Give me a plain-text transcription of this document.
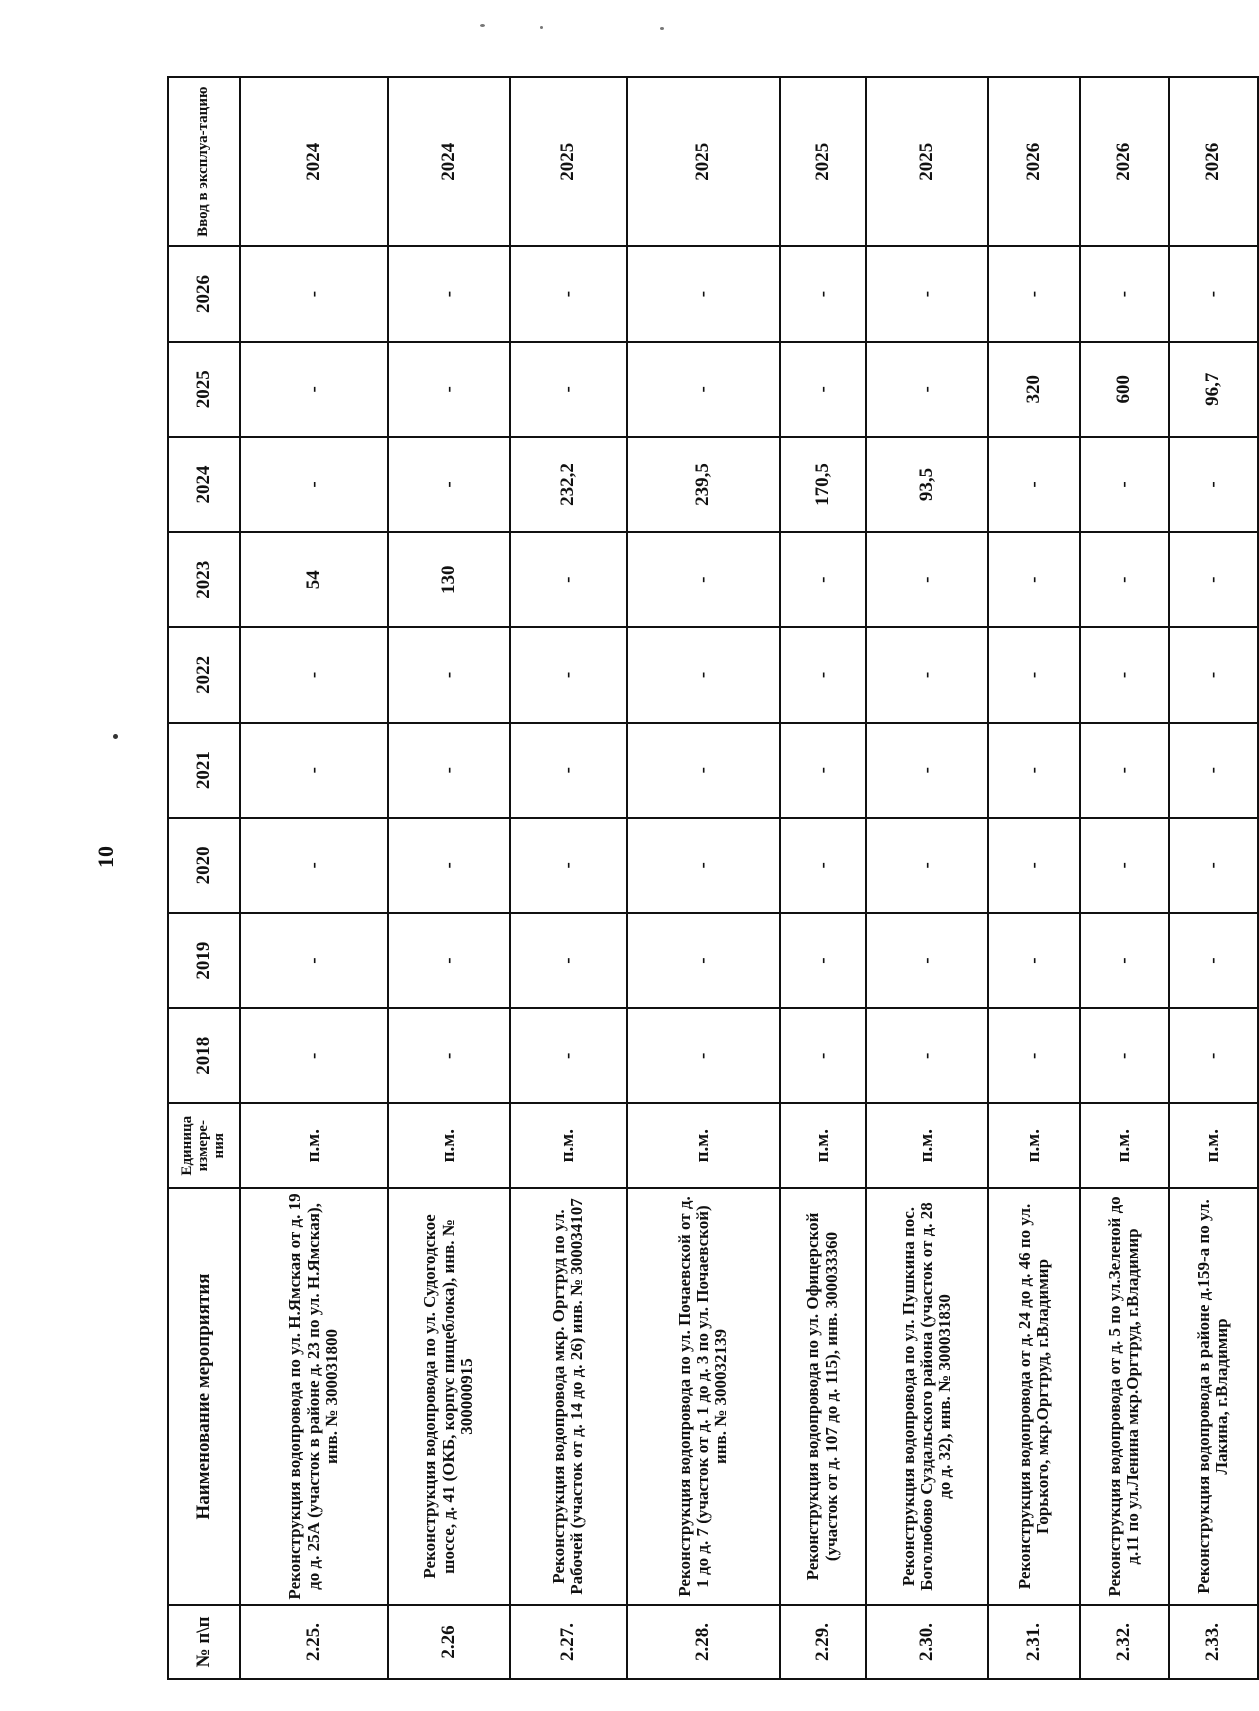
10
№ п\п	Наименование мероприятия	Единица измере-ния	2018	2019	2020	2021	2022	2023	2024	2025	2026	Ввод в эксплуа-тацию
2.25.	Реконструкция водопровода по ул. Н.Ямская от д. 19 до д. 25А (участок в районе д. 23 по ул. Н.Ямская), инв. № 300031800	п.м.	-	-	-	-	-	54	-	-	-	2024
2.26	Реконструкция водопровода по ул. Судогодское шоссе, д. 41 (ОКБ, корпус пищеблока), инв. № 300000915	п.м.	-	-	-	-	-	130	-	-	-	2024
2.27.	Реконструкция водопровода мкр. Оргтруд по ул. Рабочей (участок от д. 14 до д. 26) инв. № 300034107	п.м.	-	-	-	-	-	-	232,2	-	-	2025
2.28.	Реконструкция водопровода по ул. Почаевской от д. 1 до д. 7 (участок от д. 1 до д. 3 по ул. Почаевской) инв. № 300032139	п.м.	-	-	-	-	-	-	239,5	-	-	2025
2.29.	Реконструкция водопровода по ул. Офицерской (участок от д. 107 до д. 115), инв. 300033360	п.м.	-	-	-	-	-	-	170,5	-	-	2025
2.30.	Реконструкция водопровода по ул. Пушкина пос. Боголюбово Суздальского района (участок от д. 28 до д. 32), инв. № 300031830	п.м.	-	-	-	-	-	-	93,5	-	-	2025
2.31.	Реконструкция водопровода от д. 24 до д. 46 по ул. Горького, мкр.Оргтруд, г.Владимир	п.м.	-	-	-	-	-	-	-	320	-	2026
2.32.	Реконструкция водопровода от д. 5 по ул.Зеленой до д.11 по ул.Ленина мкр.Оргтруд, г.Владимир	п.м.	-	-	-	-	-	-	-	600	-	2026
2.33.	Реконструкция водопровода в районе д.159-а по ул. Лакина, г.Владимир	п.м.	-	-	-	-	-	-	-	96,7	-	2026
